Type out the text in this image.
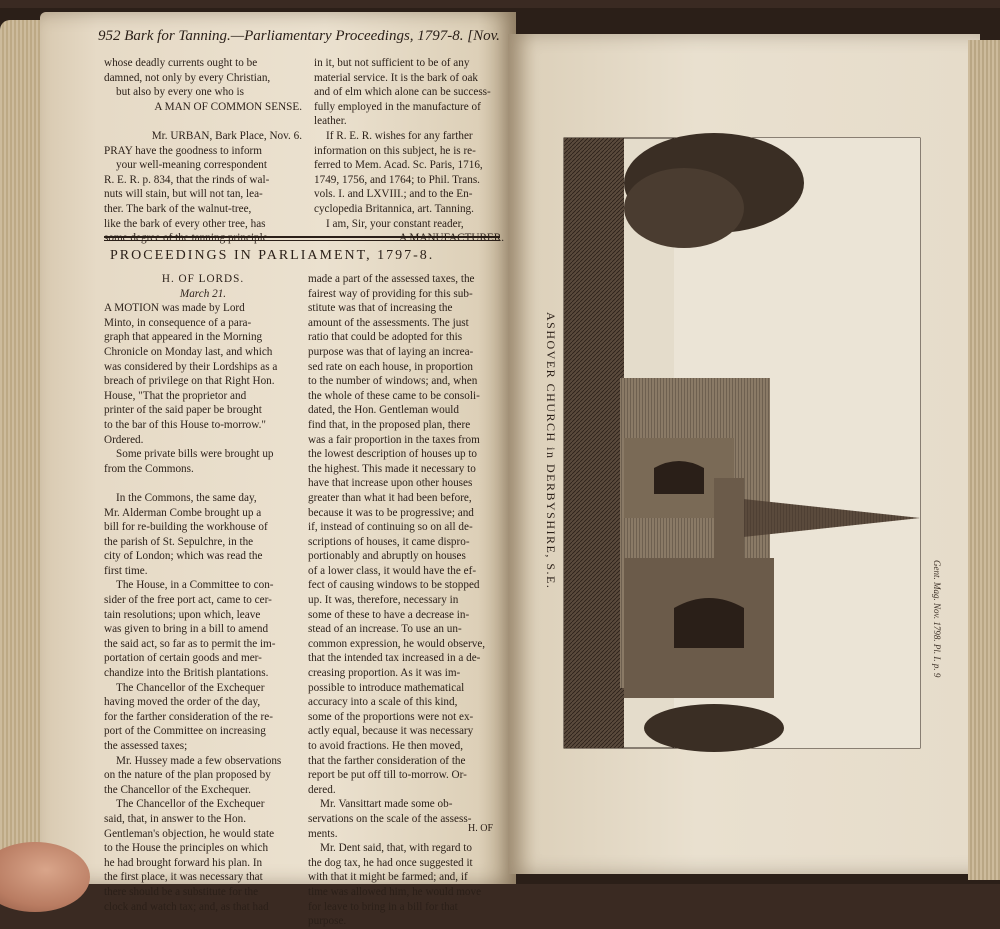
952 Bark for Tanning.—Parliamentary Proceedings, 1797-8. [Nov.

whose deadly currents ought to be

damned, not only by every Christian,

but also by every one who is

A MAN OF COMMON SENSE.

Mr. URBAN, Bark Place, Nov. 6.

PRAY have the goodness to inform

your well-meaning correspondent

R. E. R. p. 834, that the rinds of wal-

nuts will stain, but will not tan, lea-

ther. The bark of the walnut-tree,

like the bark of every other tree, has

some degree of the tanning principle

in it, but not sufficient to be of any

material service. It is the bark of oak

and of elm which alone can be success-

fully employed in the manufacture of

leather.

If R. E. R. wishes for any farther

information on this subject, he is re-

ferred to Mem. Acad. Sc. Paris, 1716,

1749, 1756, and 1764; to Phil. Trans.

vols. I. and LXVIII.; and to the En-

cyclopedia Britannica, art. Tanning.

I am, Sir, your constant reader,

A MANUFACTURER.

PROCEEDINGS IN PARLIAMENT, 1797-8.

H. OF LORDS.

March 21.

A MOTION was made by Lord

Minto, in consequence of a para-

graph that appeared in the Morning

Chronicle on Monday last, and which

was considered by their Lordships as a

breach of privilege on that Right Hon.

House, "That the proprietor and

printer of the said paper be brought

to the bar of this House to-morrow."

Ordered.

Some private bills were brought up

from the Commons.

In the Commons, the same day,

Mr. Alderman Combe brought up a

bill for re-building the workhouse of

the parish of St. Sepulchre, in the

city of London; which was read the

first time.

The House, in a Committee to con-

sider of the free port act, came to cer-

tain resolutions; upon which, leave

was given to bring in a bill to amend

the said act, so far as to permit the im-

portation of certain goods and mer-

chandize into the British plantations.

The Chancellor of the Exchequer

having moved the order of the day,

for the farther consideration of the re-

port of the Committee on increasing

the assessed taxes;

Mr. Hussey made a few observations

on the nature of the plan proposed by

the Chancellor of the Exchequer.

The Chancellor of the Exchequer

said, that, in answer to the Hon.

Gentleman's objection, he would state

to the House the principles on which

he had brought forward his plan. In

the first place, it was necessary that

there should be a substitute for the

clock and watch tax; and, as that had

made a part of the assessed taxes, the

fairest way of providing for this sub-

stitute was that of increasing the

amount of the assessments. The just

ratio that could be adopted for this

purpose was that of laying an increa-

sed rate on each house, in proportion

to the number of windows; and, when

the whole of these came to be consoli-

dated, the Hon. Gentleman would

find that, in the proposed plan, there

was a fair proportion in the taxes from

the lowest description of houses up to

the highest. This made it necessary to

have that increase upon other houses

greater than what it had been before,

because it was to be progressive; and

if, instead of continuing so on all de-

scriptions of houses, it came dispro-

portionably and abruptly on houses

of a lower class, it would have the ef-

fect of causing windows to be stopped

up. It was, therefore, necessary in

some of these to have a decrease in-

stead of an increase. To use an un-

common expression, he would observe,

that the intended tax increased in a de-

creasing proportion. As it was im-

possible to introduce mathematical

accuracy into a scale of this kind,

some of the proportions were not ex-

actly equal, because it was necessary

to avoid fractions. He then moved,

that the farther consideration of the

report be put off till to-morrow. Or-

dered.

Mr. Vansittart made some ob-

servations on the scale of the assess-

ments.

Mr. Dent said, that, with regard to

the dog tax, he had once suggested it

with that it might be farmed; and, if

time was allowed him, he would move

for leave to bring in a bill for that

purpose.

H. OF
ASHOVER CHURCH in DERBYSHIRE, S.E.
Gent. Mag. Nov. 1798. Pl. I. p. 9
